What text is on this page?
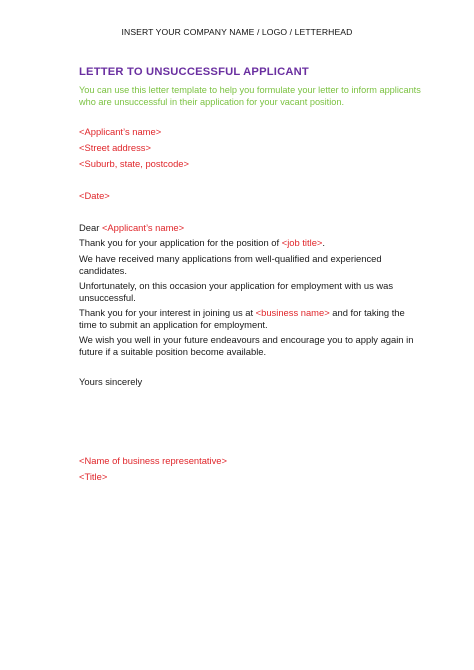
INSERT YOUR COMPANY NAME / LOGO / LETTERHEAD
LETTER TO UNSUCCESSFUL APPLICANT
You can use this letter template to help you formulate your letter to inform applicants who are unsuccessful in their application for your vacant position.
<Applicant’s name>
<Street address>
<Suburb, state, postcode>
<Date>
Dear <Applicant’s name>
Thank you for your application for the position of <job title>.
We have received many applications from well-qualified and experienced candidates.
Unfortunately, on this occasion your application for employment with us was unsuccessful.
Thank you for your interest in joining us at <business name> and for taking the time to submit an application for employment.
We wish you well in your future endeavours and encourage you to apply again in future if a suitable position become available.
Yours sincerely
<Name of business representative>
<Title>
